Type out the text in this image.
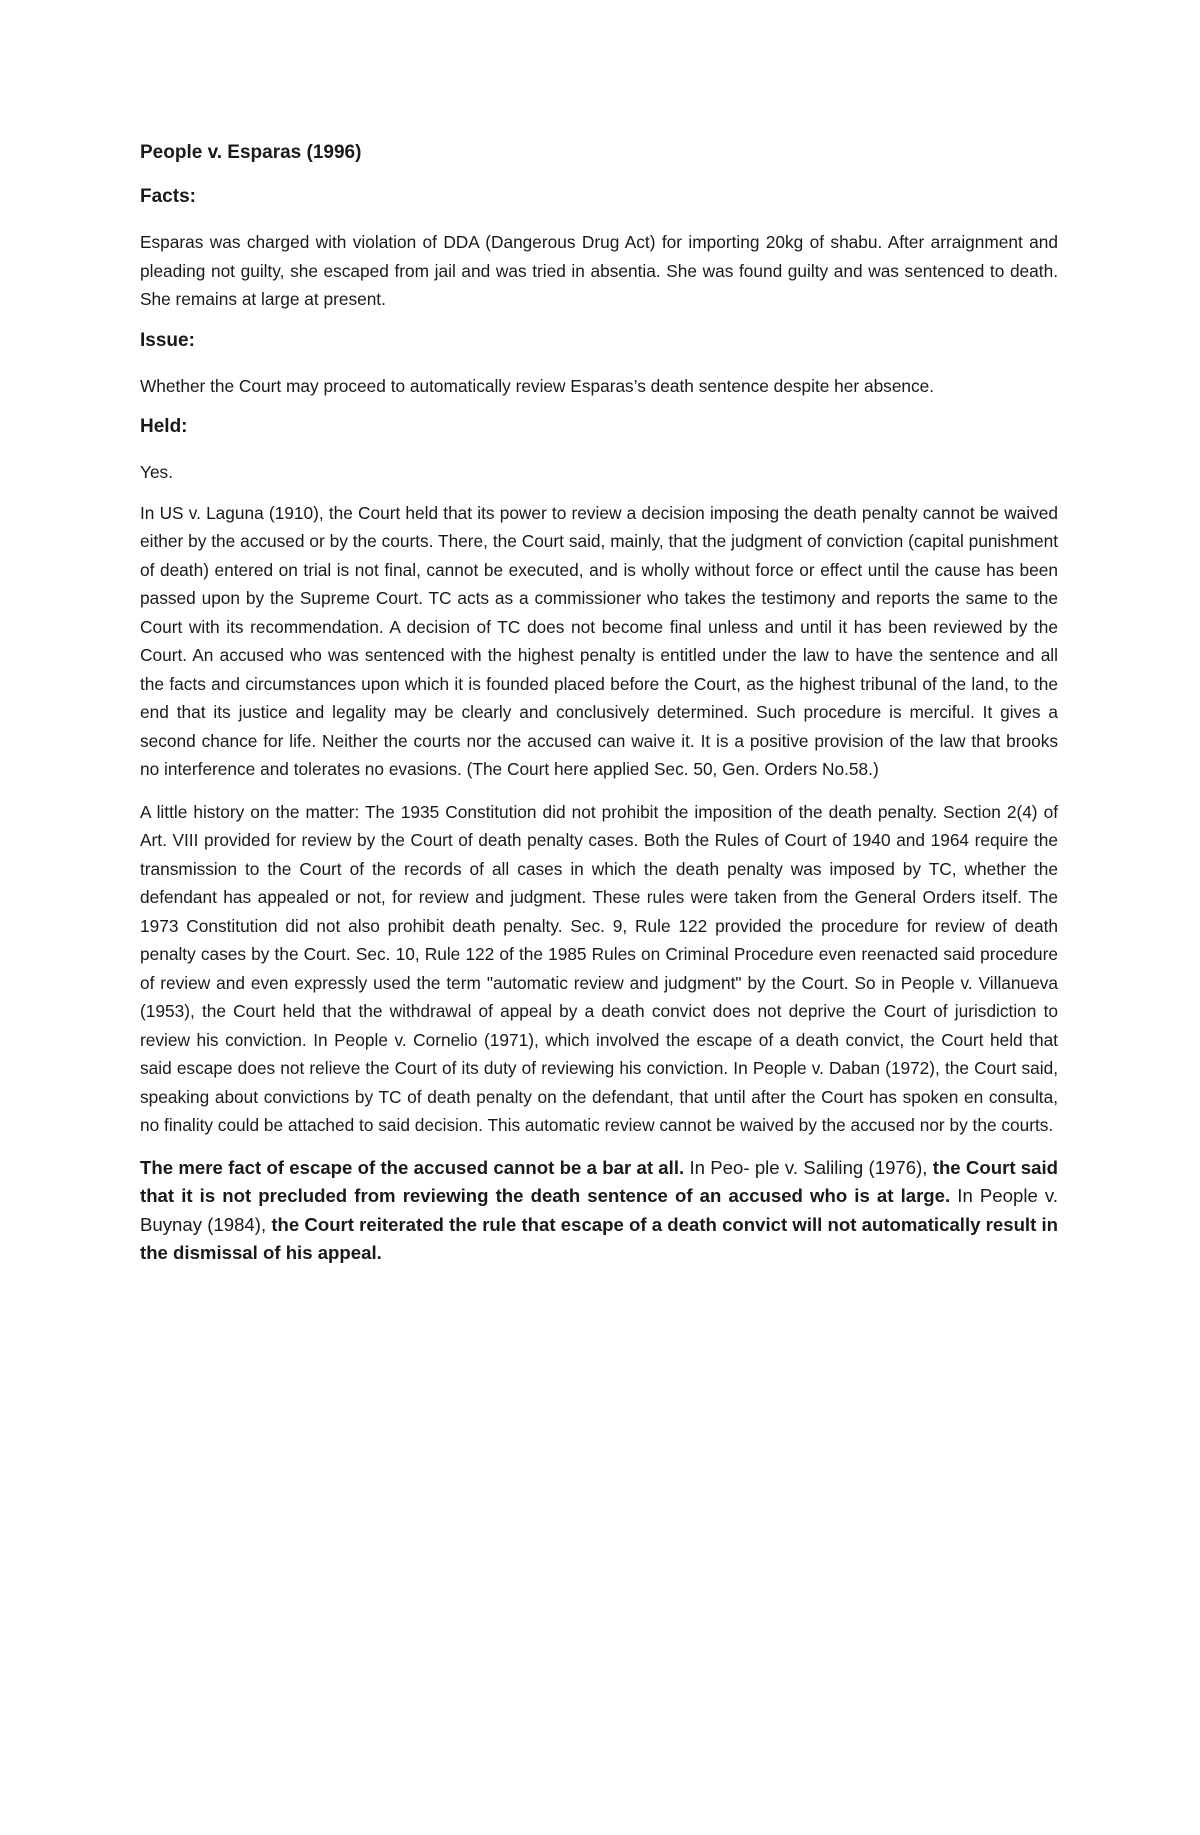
People v. Esparas (1996)

Facts:

Esparas was charged with violation of DDA (Dangerous Drug Act) for importing 20kg of shabu. After arraignment and pleading not guilty, she escaped from jail and was tried in absentia. She was found guilty and was sentenced to death. She remains at large at present.

Issue:

Whether the Court may proceed to automatically review Esparas’s death sentence despite her absence.

Held:

Yes.

In US v. Laguna (1910), the Court held that its power to review a decision imposing the death penalty cannot be waived either by the accused or by the courts. There, the Court said, mainly, that the judgment of conviction (capital punishment of death) entered on trial is not final, cannot be executed, and is wholly without force or effect until the cause has been passed upon by the Supreme Court. TC acts as a commissioner who takes the testimony and reports the same to the Court with its recommendation. A decision of TC does not become final unless and until it has been reviewed by the Court. An accused who was sentenced with the highest penalty is entitled under the law to have the sentence and all the facts and circumstances upon which it is founded placed before the Court, as the highest tribunal of the land, to the end that its justice and legality may be clearly and conclusively determined. Such procedure is merciful. It gives a second chance for life. Neither the courts nor the accused can waive it. It is a positive provision of the law that brooks no interference and tolerates no evasions. (The Court here applied Sec. 50, Gen. Orders No.58.)

A little history on the matter: The 1935 Constitution did not prohibit the imposition of the death penalty. Section 2(4) of Art. VIII provided for review by the Court of death penalty cases. Both the Rules of Court of 1940 and 1964 require the transmission to the Court of the records of all cases in which the death penalty was imposed by TC, whether the defendant has appealed or not, for review and judgment. These rules were taken from the General Orders itself. The 1973 Constitution did not also prohibit death penalty. Sec. 9, Rule 122 provided the procedure for review of death penalty cases by the Court. Sec. 10, Rule 122 of the 1985 Rules on Criminal Procedure even reenacted said procedure of review and even expressly used the term "automatic review and judgment" by the Court. So in People v. Villanueva (1953), the Court held that the withdrawal of appeal by a death convict does not deprive the Court of jurisdiction to review his conviction. In People v. Cornelio (1971), which involved the escape of a death convict, the Court held that said escape does not relieve the Court of its duty of reviewing his conviction. In People v. Daban (1972), the Court said, speaking about convictions by TC of death penalty on the defendant, that until after the Court has spoken en consulta, no finality could be attached to said decision. This automatic review cannot be waived by the accused nor by the courts.

The mere fact of escape of the accused cannot be a bar at all. In Peo- ple v. Saliling (1976), the Court said that it is not precluded from reviewing the death sentence of an accused who is at large. In People v. Buynay (1984), the Court reiterated the rule that escape of a death convict will not automatically result in the dismissal of his appeal.
